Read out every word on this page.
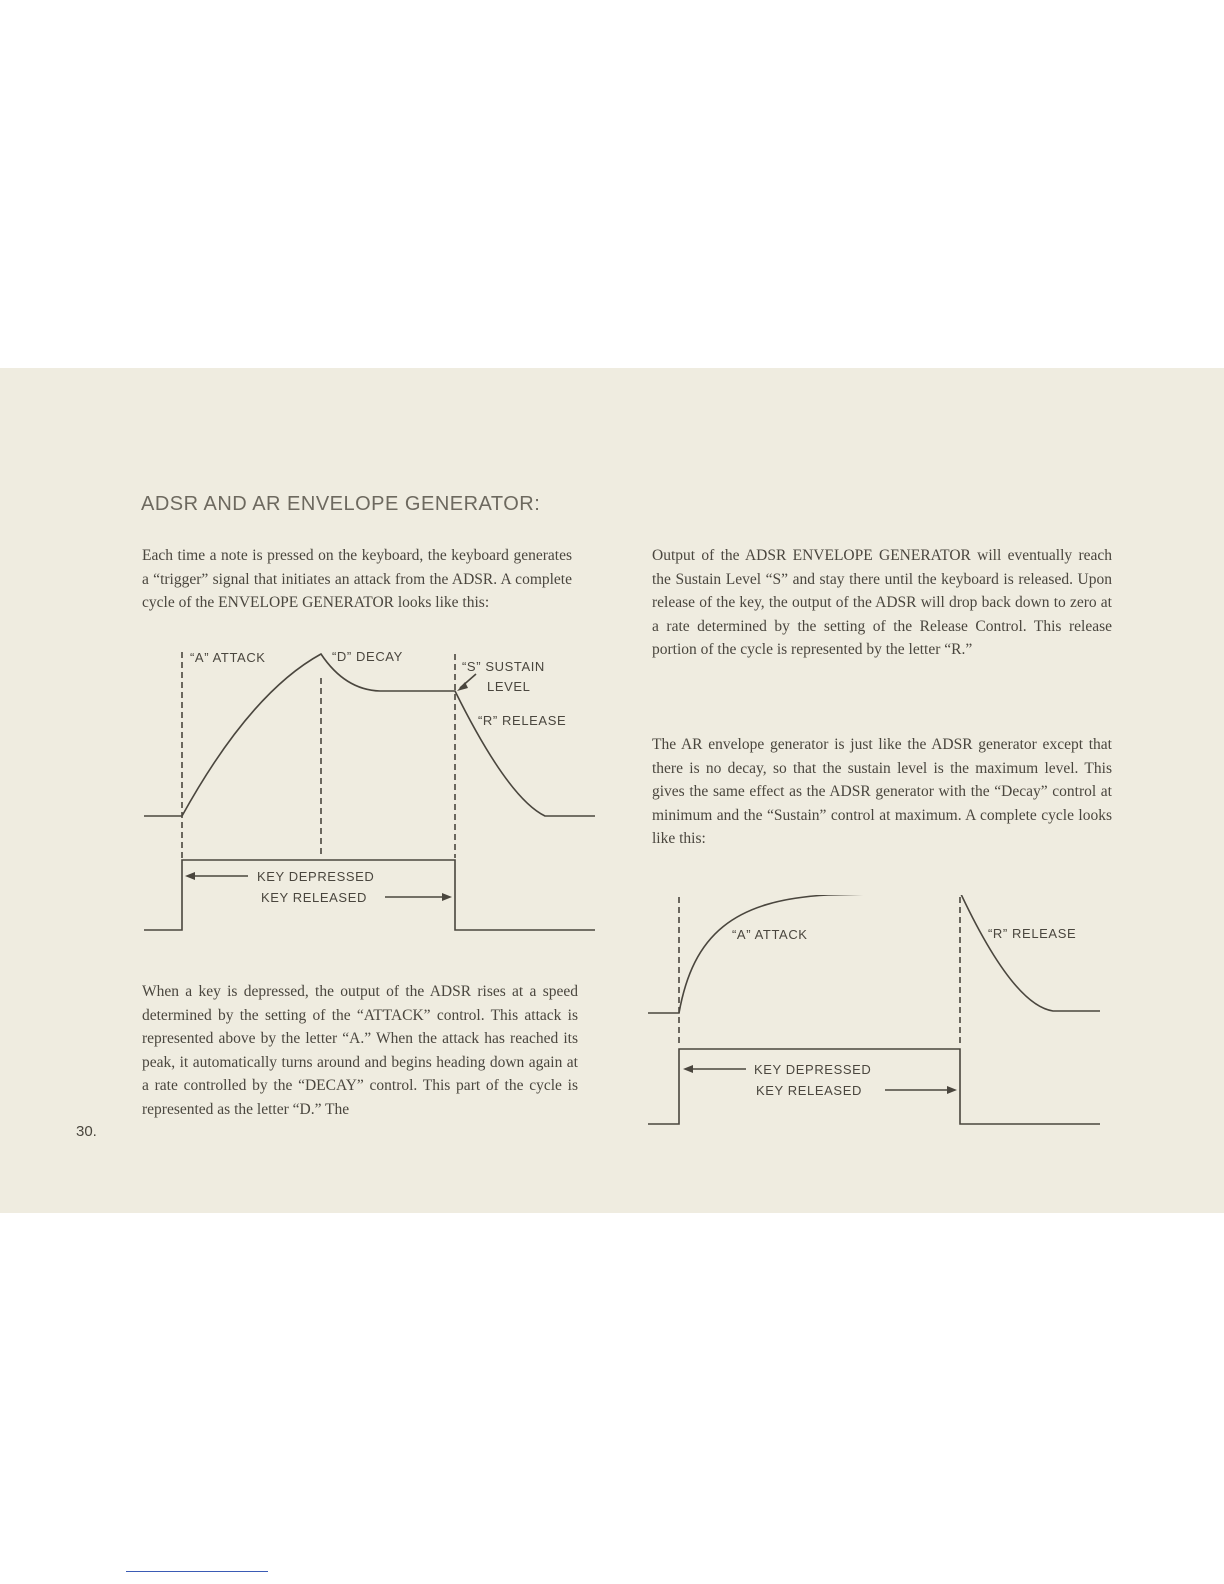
ADSR AND AR ENVELOPE GENERATOR:

Each time a note is pressed on the keyboard, the keyboard generates a “trigger” signal that initiates an attack from the ADSR. A complete cycle of the ENVELOPE GENERATOR looks like this:

“A” ATTACK	“D” DECAY
“S” SUSTAIN
LEVEL
“R” RELEASE
KEY DEPRESSED
KEY RELEASED

When a key is depressed, the output of the ADSR rises at a speed determined by the setting of the “ATTACK” control. This attack is represented above by the letter “A.” When the attack has reached its peak, it automatically turns around and begins heading down again at a rate controlled by the “DECAY” control. This part of the cycle is represented as the letter “D.” The

30.

Output of the ADSR ENVELOPE GENERATOR will eventually reach the Sustain Level “S” and stay there until the keyboard is released. Upon release of the key, the output of the ADSR will drop back down to zero at a rate determined by the setting of the Release Control. This release portion of the cycle is represented by the letter “R.”

The AR envelope generator is just like the ADSR generator except that there is no decay, so that the sustain level is the maximum level. This gives the same effect as the ADSR generator with the “Decay” control at minimum and the “Sustain” control at maximum. A complete cycle looks like this:

“A” ATTACK	“R” RELEASE
KEY DEPRESSED
KEY RELEASED
